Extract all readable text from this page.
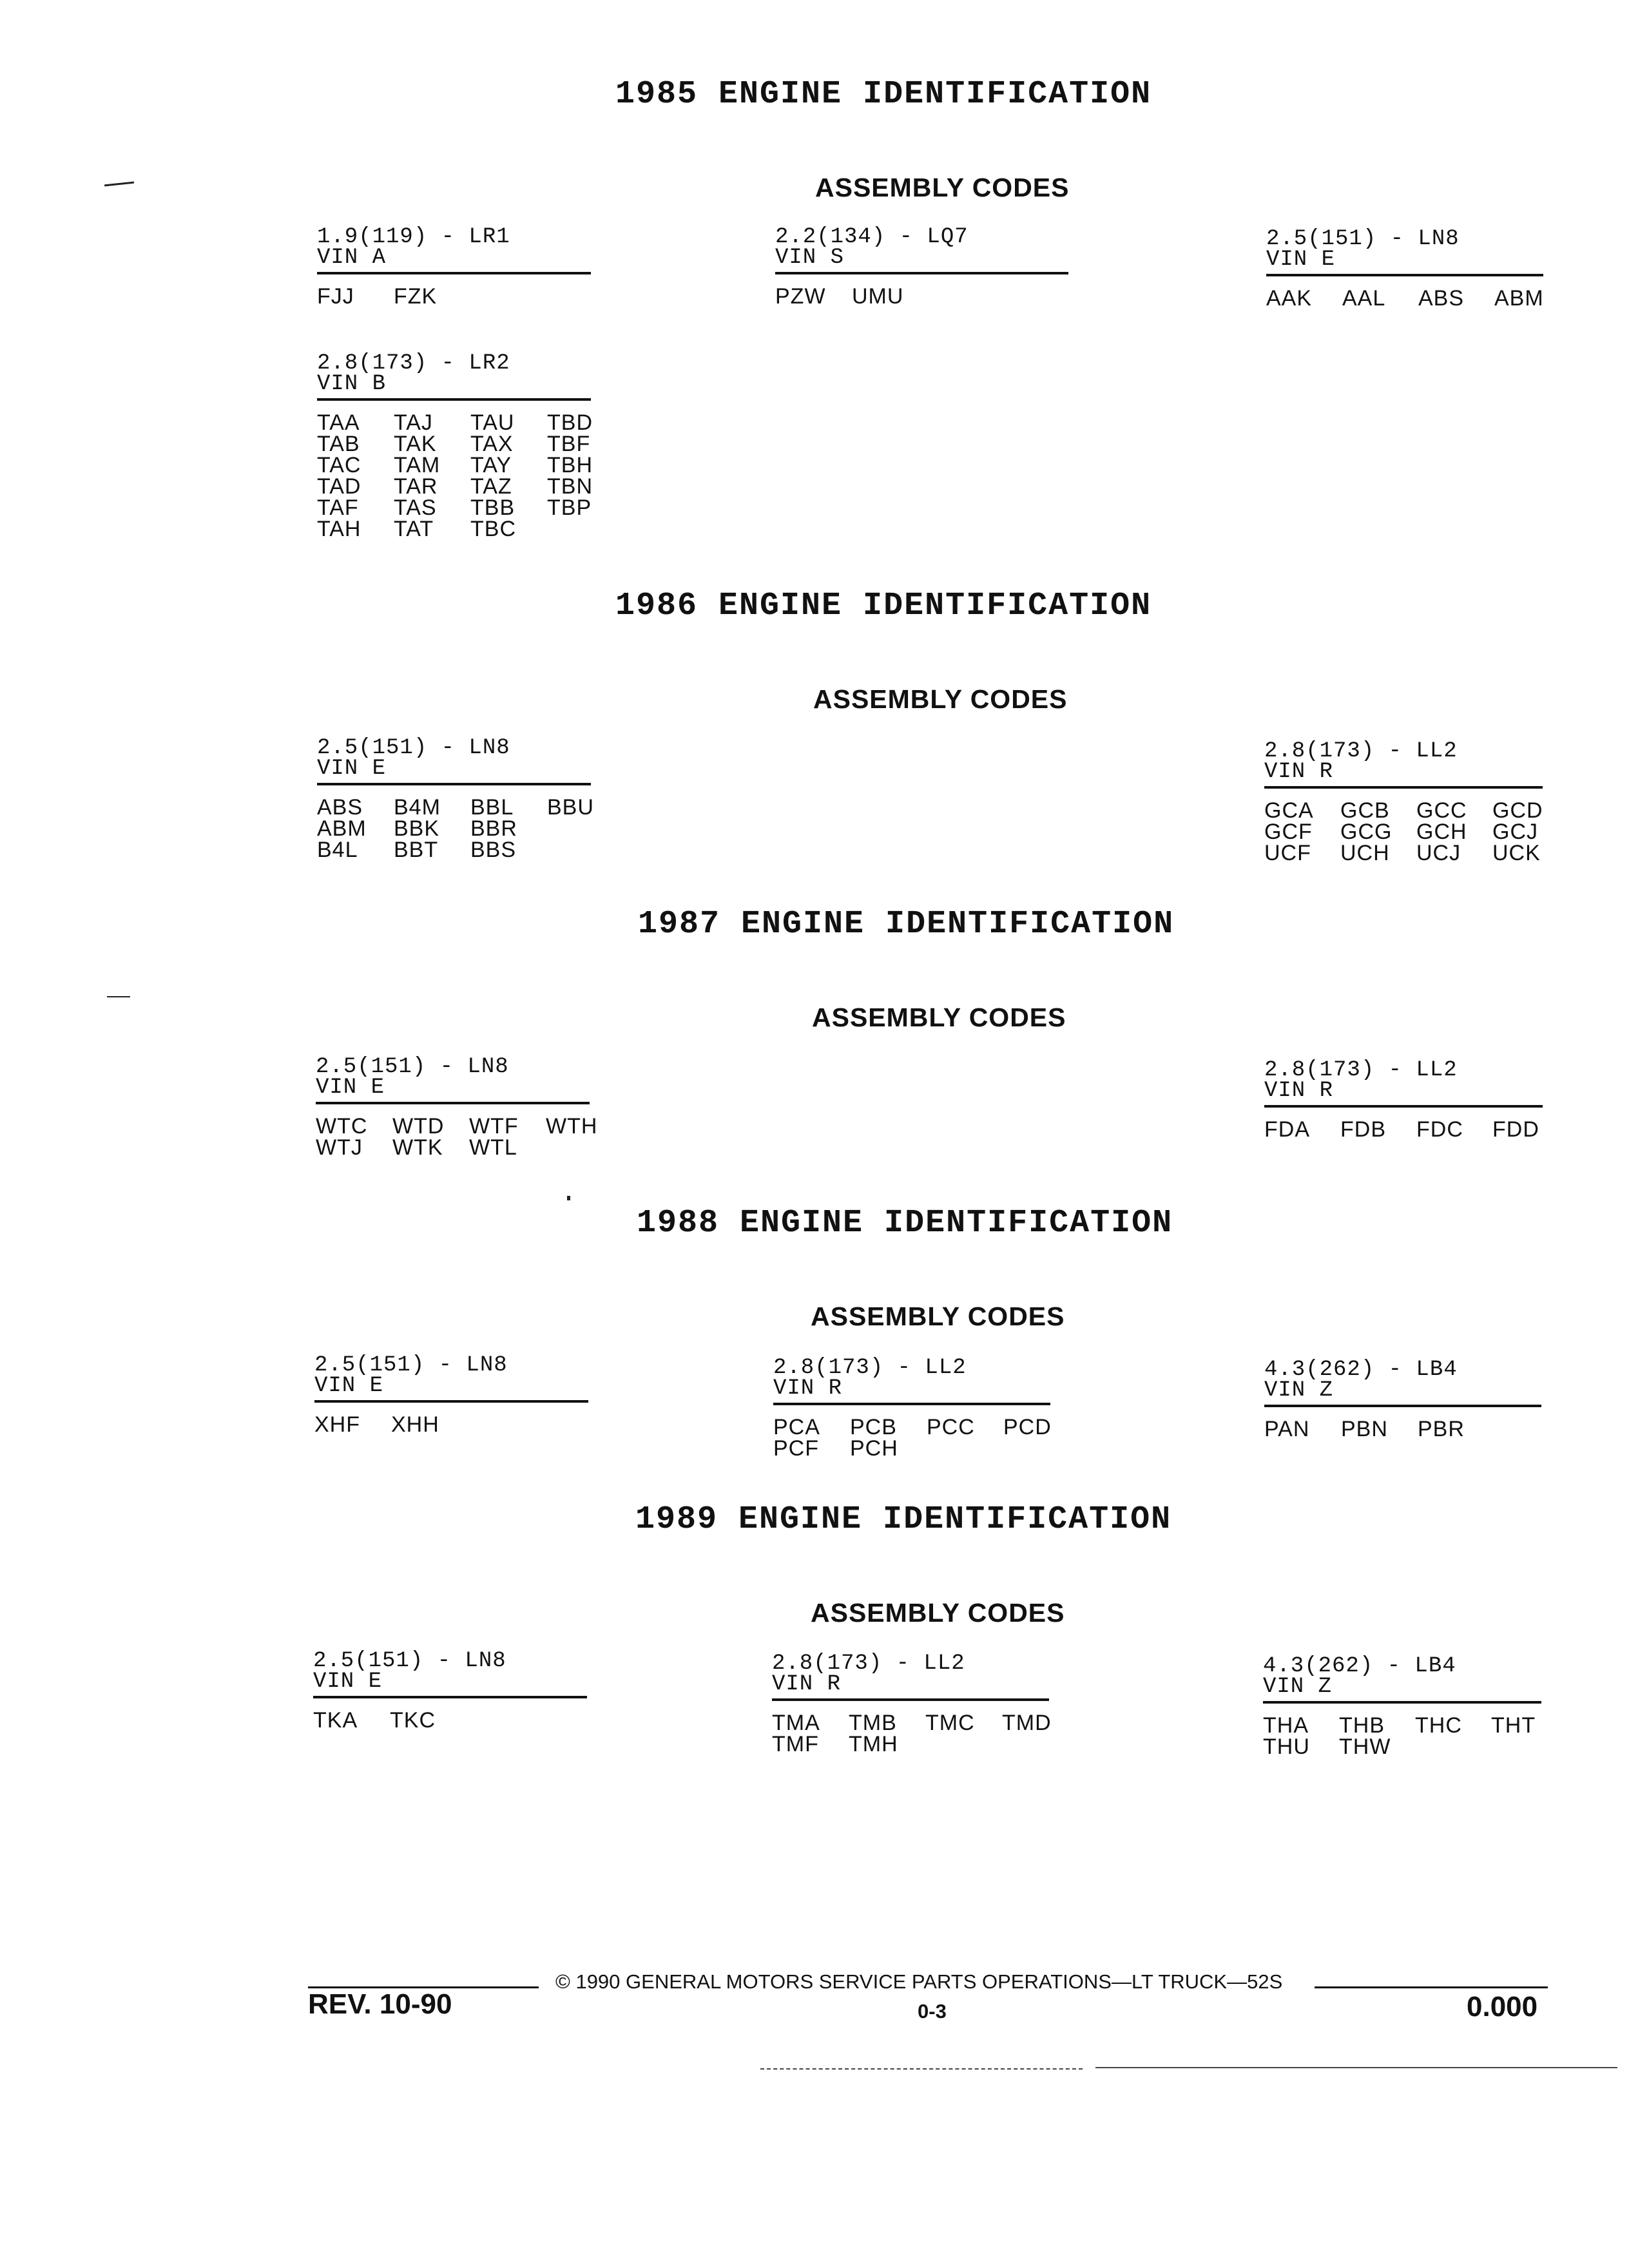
1985 ENGINE IDENTIFICATION
ASSEMBLY CODES
1.9(119) - LR1
VIN A
FJJ	FZK
2.2(134) - LQ7
VIN S
PZW	UMU
2.5(151) - LN8
VIN E
AAK	AAL	ABS	ABM
2.8(173) - LR2
VIN B
TAA	TAJ	TAU	TBD
TAB	TAK	TAX	TBF
TAC	TAM	TAY	TBH
TAD	TAR	TAZ	TBN
TAF	TAS	TBB	TBP
TAH	TAT	TBC
1986 ENGINE IDENTIFICATION
ASSEMBLY CODES
2.5(151) - LN8
VIN E
ABS	B4M	BBL	BBU
ABM	BBK	BBR
B4L	BBT	BBS
2.8(173) - LL2
VIN R
GCA	GCB	GCC	GCD
GCF	GCG	GCH	GCJ
UCF	UCH	UCJ	UCK
1987 ENGINE IDENTIFICATION
ASSEMBLY CODES
2.5(151) - LN8
VIN E
WTC	WTD	WTF	WTH
WTJ	WTK	WTL
2.8(173) - LL2
VIN R
FDA	FDB	FDC	FDD
1988 ENGINE IDENTIFICATION
ASSEMBLY CODES
2.5(151) - LN8
VIN E
XHF	XHH
2.8(173) - LL2
VIN R
PCA	PCB	PCC	PCD
PCF	PCH
4.3(262) - LB4
VIN Z
PAN	PBN	PBR
1989 ENGINE IDENTIFICATION
ASSEMBLY CODES
2.5(151) - LN8
VIN E
TKA	TKC
2.8(173) - LL2
VIN R
TMA	TMB	TMC	TMD
TMF	TMH
4.3(262) - LB4
VIN Z
THA	THB	THC	THT
THU	THW
© 1990 GENERAL MOTORS SERVICE PARTS OPERATIONS—LT TRUCK—52S
REV. 10-90	0-3	0.000
